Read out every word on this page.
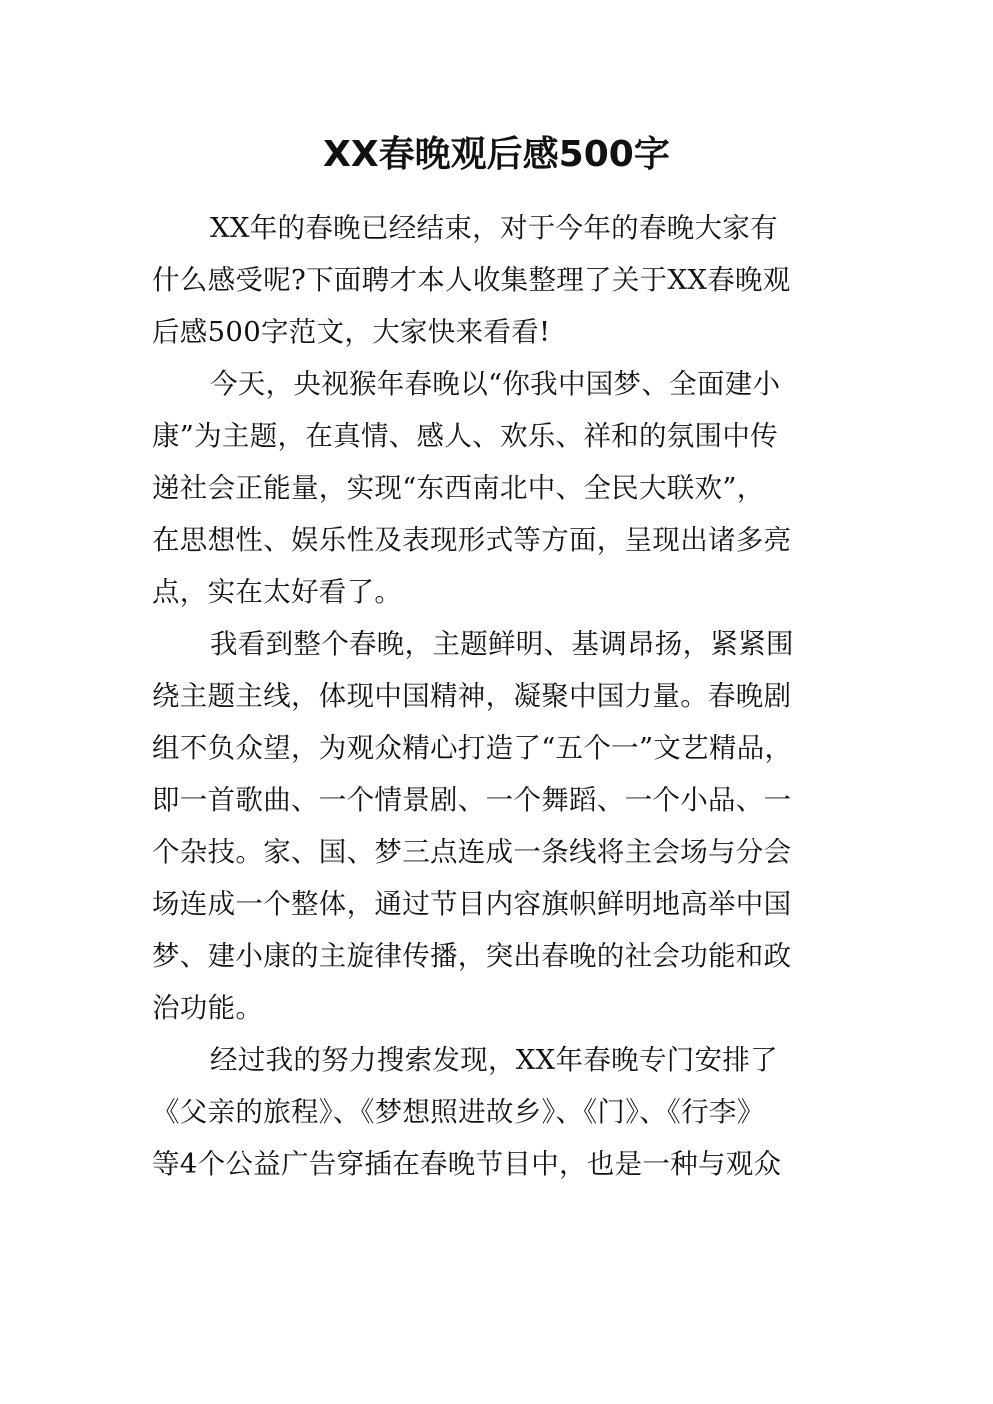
XX春晚观后感500字
XX年的春晚已经结束，对于今年的春晚大家有
什么感受呢?下面聘才本人收集整理了关于XX春晚观
后感500字范文，大家快来看看!
今天，央视猴年春晚以“你我中国梦、全面建小
康”为主题，在真情、感人、欢乐、祥和的氛围中传
递社会正能量，实现“东西南北中、全民大联欢”，
在思想性、娱乐性及表现形式等方面，呈现出诸多亮
点，实在太好看了。
我看到整个春晚，主题鲜明、基调昂扬，紧紧围
绕主题主线，体现中国精神，凝聚中国力量。春晚剧
组不负众望，为观众精心打造了“五个一”文艺精品，
即一首歌曲、一个情景剧、一个舞蹈、一个小品、一
个杂技。家、国、梦三点连成一条线将主会场与分会
场连成一个整体，通过节目内容旗帜鲜明地高举中国
梦、建小康的主旋律传播，突出春晚的社会功能和政
治功能。
经过我的努力搜索发现，XX年春晚专门安排了
《父亲的旅程》、《梦想照进故乡》、《门》、《行李》
等4个公益广告穿插在春晚节目中，也是一种与观众
